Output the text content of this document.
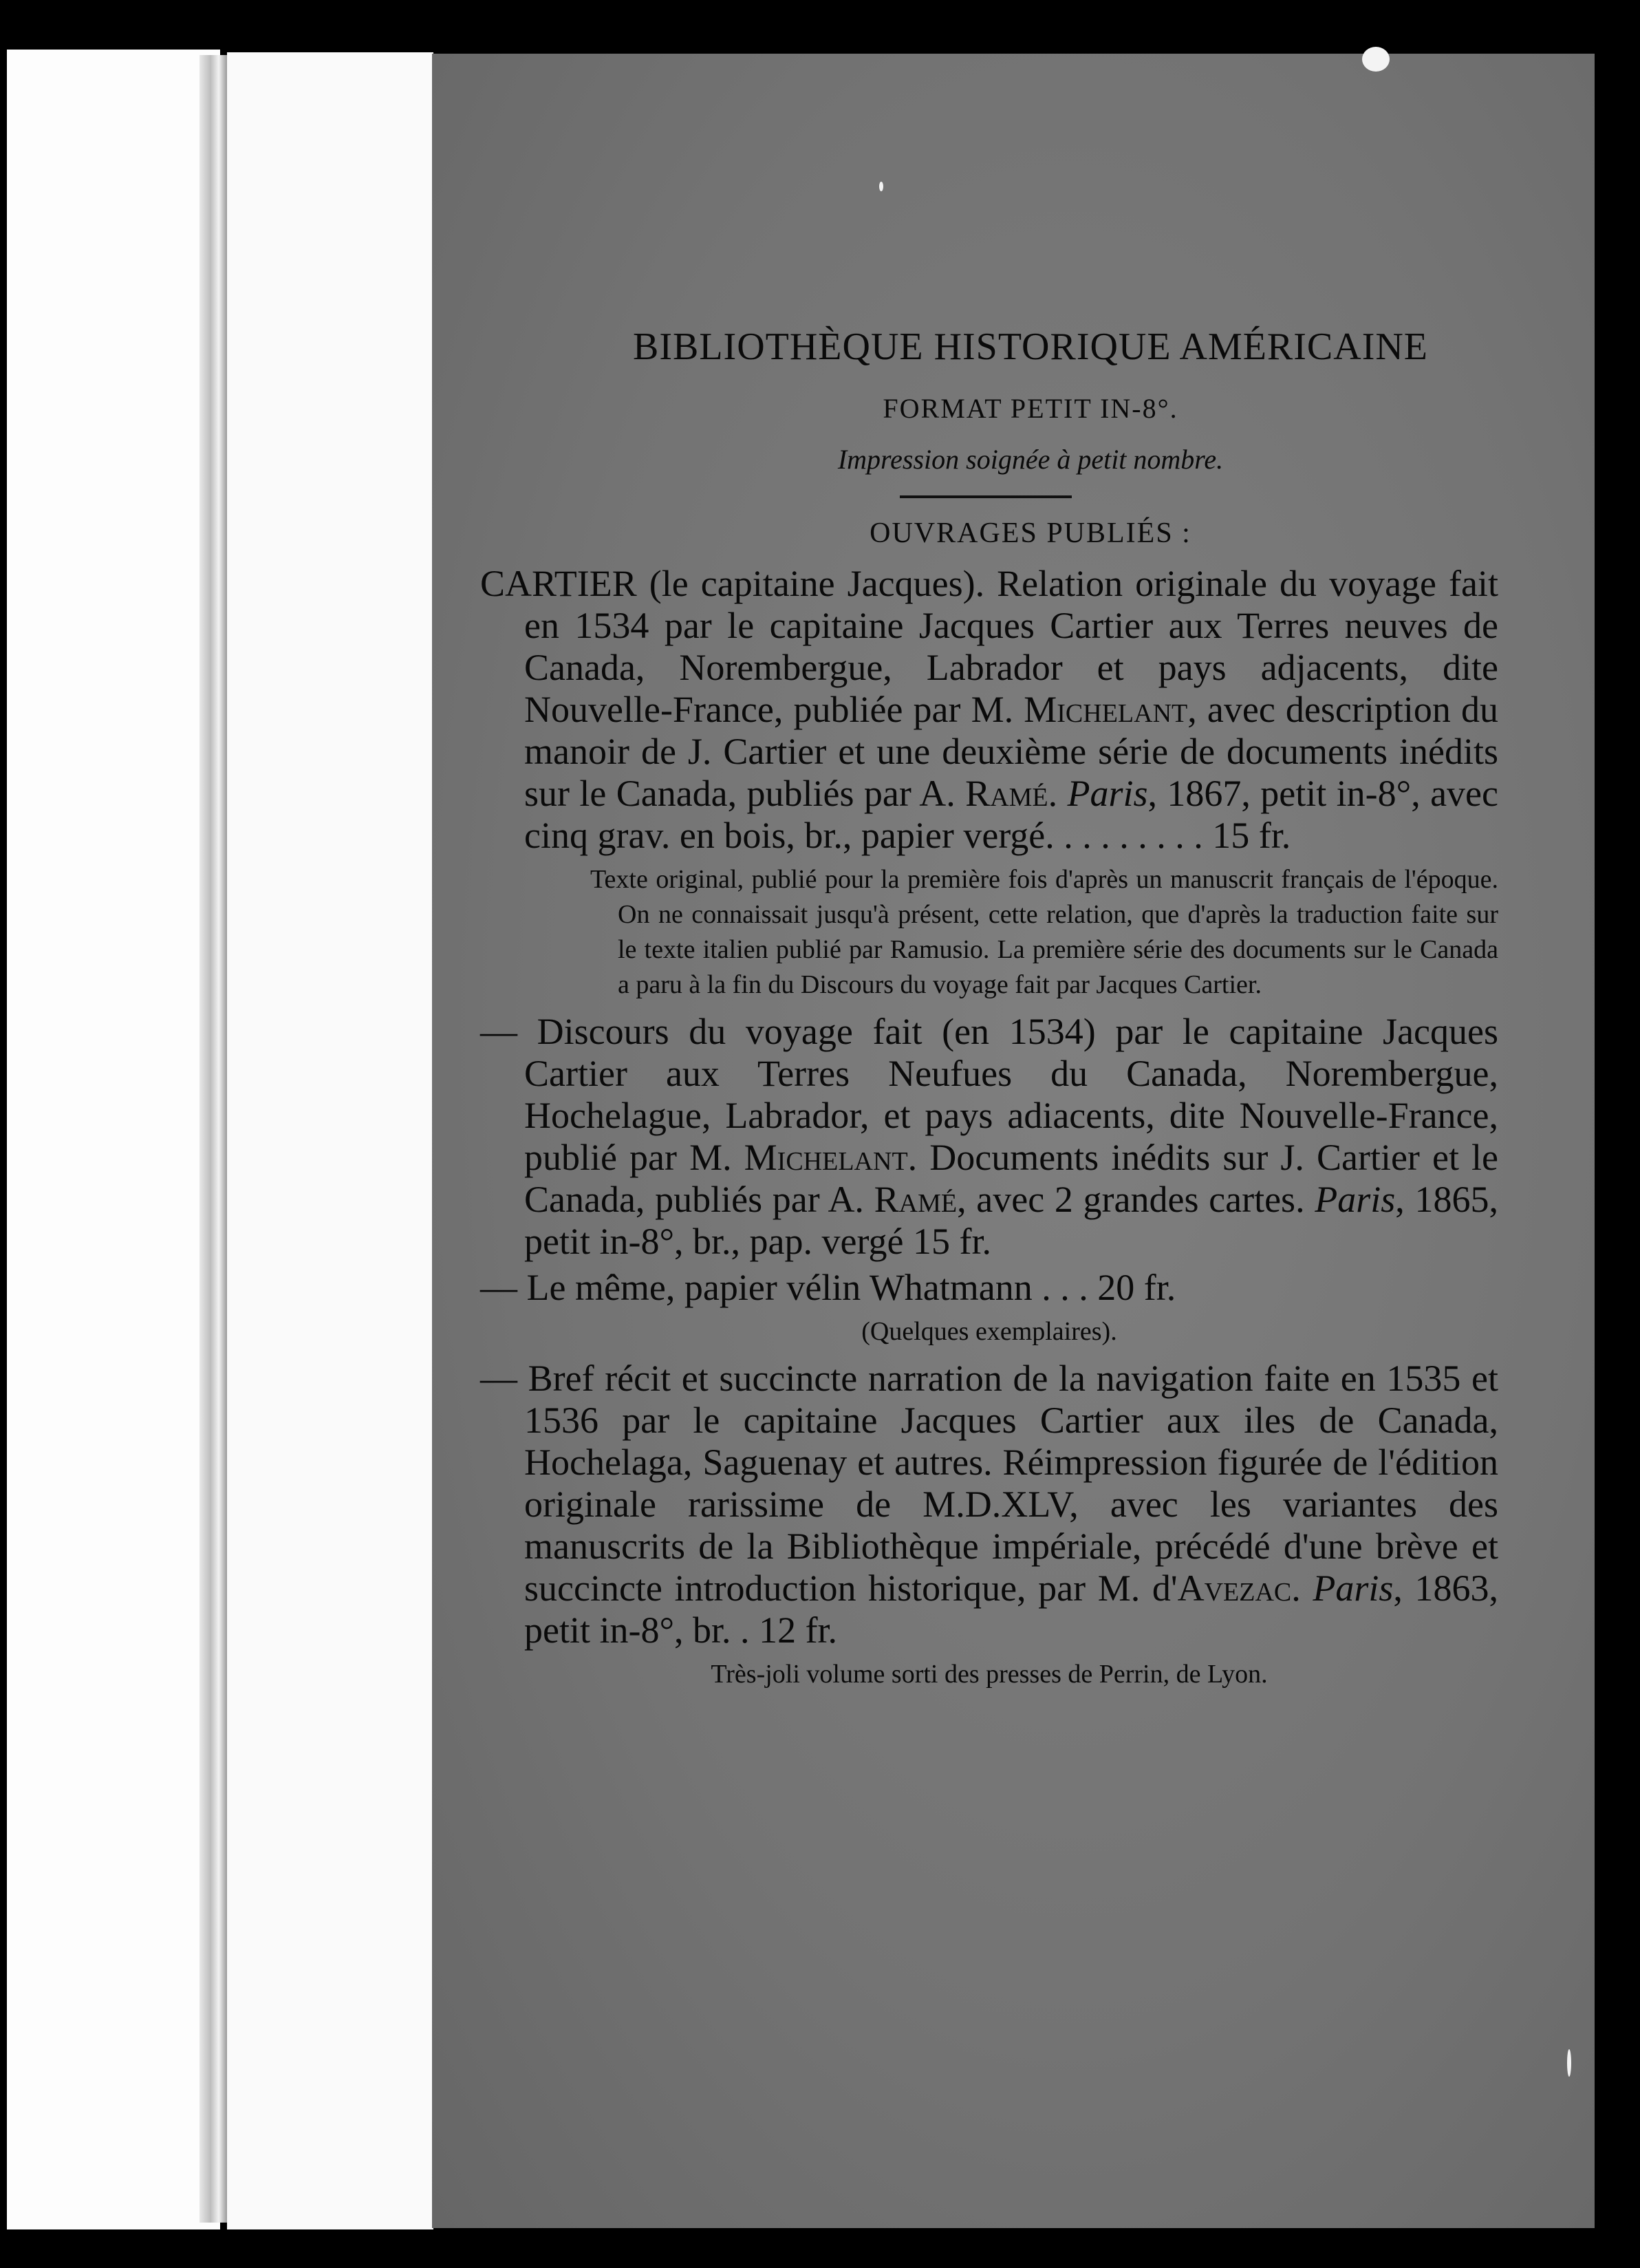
BIBLIOTHÈQUE HISTORIQUE AMÉRICAINE

FORMAT PETIT IN-8°.

Impression soignée à petit nombre.

OUVRAGES PUBLIÉS :

CARTIER (le capitaine Jacques). Relation originale du voyage fait en 1534 par le capitaine Jacques Cartier aux Terres neuves de Canada, Norembergue, Labrador et pays adjacents, dite Nouvelle-France, publiée par M. Michelant, avec description du manoir de J. Cartier et une deuxième série de documents inédits sur le Canada, publiés par A. Ramé. Paris, 1867, petit in-8°, avec cinq grav. en bois, br., papier vergé. . . . . . . . . 15 fr.

Texte original, publié pour la première fois d'après un manuscrit français de l'époque. On ne connaissait jusqu'à présent, cette relation, que d'après la traduction faite sur le texte italien publié par Ramusio. La première série des documents sur le Canada a paru à la fin du Discours du voyage fait par Jacques Cartier.

— Discours du voyage fait (en 1534) par le capitaine Jacques Cartier aux Terres Neufues du Canada, Norembergue, Hochelague, Labrador, et pays adiacents, dite Nouvelle-France, publié par M. Michelant. Documents inédits sur J. Cartier et le Canada, publiés par A. Ramé, avec 2 grandes cartes. Paris, 1865, petit in-8°, br., pap. vergé 15 fr.

— Le même, papier vélin Whatmann . . . 20 fr.

(Quelques exemplaires).

— Bref récit et succincte narration de la navigation faite en 1535 et 1536 par le capitaine Jacques Cartier aux iles de Canada, Hochelaga, Saguenay et autres. Réimpression figurée de l'édition originale rarissime de M.D.XLV, avec les variantes des manuscrits de la Bibliothèque impériale, précédé d'une brève et succincte introduction historique, par M. d'Avezac. Paris, 1863, petit in-8°, br. . 12 fr.

Très-joli volume sorti des presses de Perrin, de Lyon.
